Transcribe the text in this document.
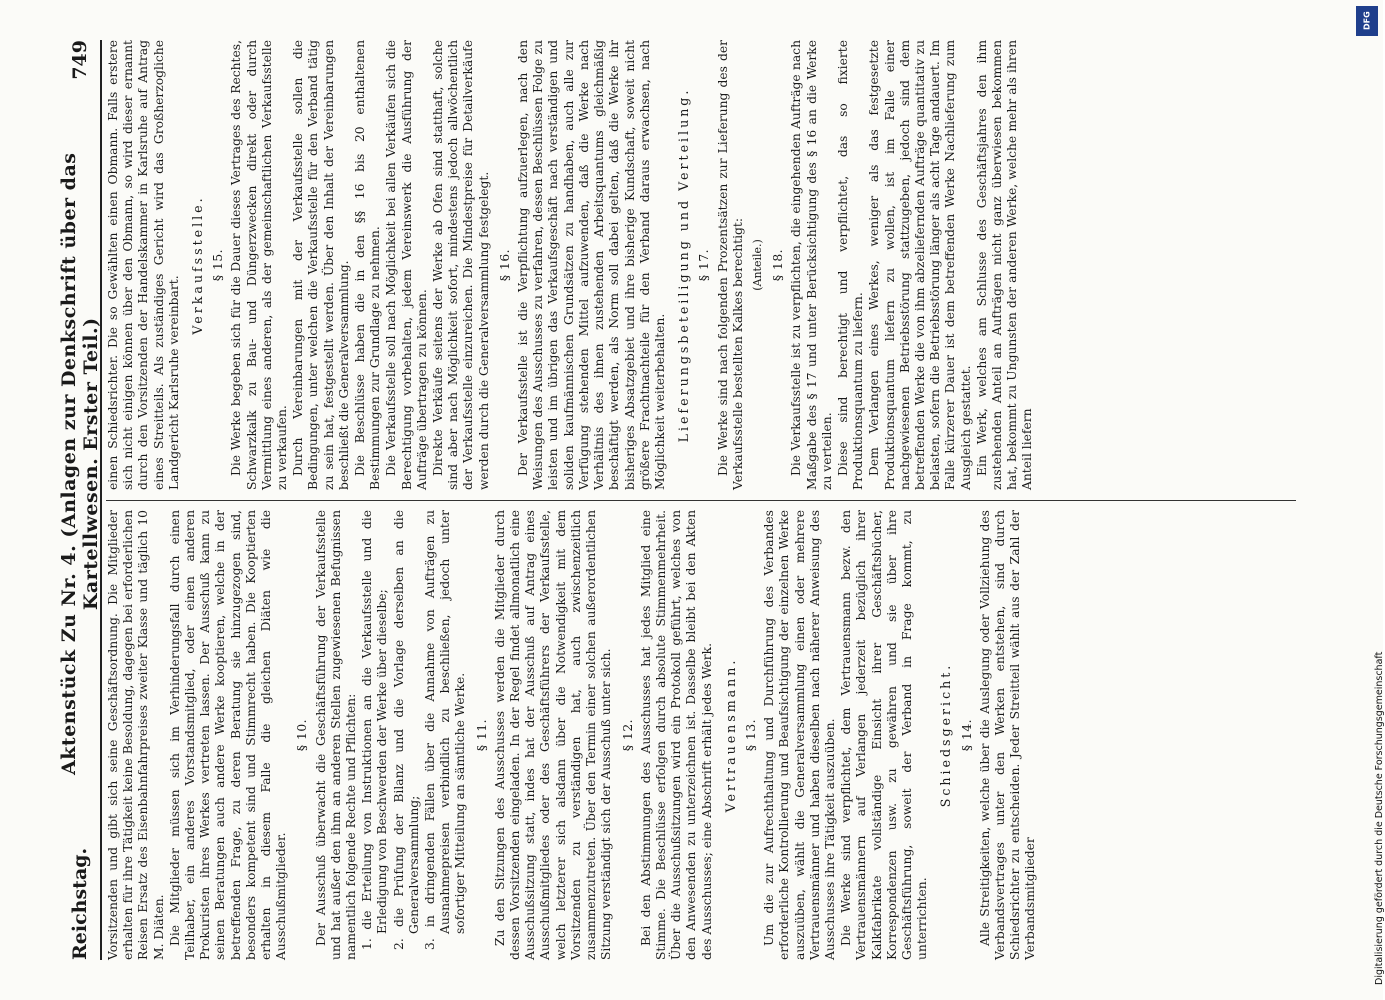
Reichstag.
Aktenstück Zu Nr. 4. (Anlagen zur Denkschrift über das Kartellwesen. Erster Teil.)
749

Vorsitzenden und gibt sich seine Geschäftsordnung. Die Mitglieder erhalten für ihre Tätigkeit keine Besoldung, dagegen bei erforderlichen Reisen Ersatz des Eisenbahnfahrpreises zweiter Klasse und täglich 10 M. Diäten. Die Mitglieder müssen sich im Verhinderungsfall durch einen Teilhaber, ein anderes Vorstandsmitglied, oder einen anderen Prokuristen ihres Werkes vertreten lassen. Der Ausschuß kann zu seinen Beratungen auch andere Werke kooptieren, welche in der betreffenden Frage, zu deren Beratung sie hinzugezogen sind, besonders kompetent sind und Stimmrecht haben. Die Kooptierten erhalten in diesem Falle die gleichen Diäten wie die Ausschußmitglieder.

§ 10. Der Ausschuß überwacht die Geschäftsführung der Verkaufsstelle und hat außer den ihm an anderen Stellen zugewiesenen Befugnissen namentlich folgende Rechte und Pflichten: 1. die Erteilung von Instruktionen an die Verkaufsstelle und die Erledigung von Beschwerden der Werke über dieselbe; 2. die Prüfung der Bilanz und die Vorlage derselben an die Generalversammlung; 3. in dringenden Fällen über die Annahme von Aufträgen zu Ausnahmepreisen verbindlich zu beschließen, jedoch unter sofortiger Mitteilung an sämtliche Werke. § 11. Zu den Sitzungen des Ausschusses werden die Mitglieder durch dessen Vorsitzenden eingeladen. In der Regel findet allmonatlich eine Ausschußsitzung statt, indes hat der Ausschuß auf Antrag eines Ausschußmitgliedes oder des Geschäftsführers der Verkaufsstelle, welch letzterer sich alsdann über die Notwendigkeit mit dem Vorsitzenden zu verständigen hat, auch zwischenzeitlich zusammenzutreten. Über den Termin einer solchen außerordentlichen Sitzung verständigt sich der Ausschuß unter sich. § 12. Bei den Abstimmungen des Ausschusses hat jedes Mitglied eine Stimme. Die Beschlüsse erfolgen durch absolute Stimmenmehrheit. Über die Ausschußsitzungen wird ein Protokoll geführt, welches von den Anwesenden zu unterzeichnen ist. Dasselbe bleibt bei den Akten des Ausschusses; eine Abschrift erhält jedes Werk. Vertrauensmann. § 13. Um die zur Aufrechthaltung und Durchführung des Verbandes erforderliche Kontrollierung und Beaufsichtigung der einzelnen Werke auszuüben, wählt die Generalversammlung einen oder mehrere Vertrauensmänner und haben dieselben nach näherer Anweisung des Ausschusses ihre Tätigkeit auszuüben. Die Werke sind verpflichtet, dem Vertrauensmann bezw. den Vertrauensmännern auf Verlangen jederzeit bezüglich ihrer Kalkfabrikate vollständige Einsicht ihrer Geschäftsbücher, Korrespondenzen usw. zu gewähren und sie über ihre Geschäftsführung, soweit der Verband in Frage kommt, zu unterrichten.

Schiedsgericht. § 14. Alle Streitigkeiten, welche über die Auslegung oder Vollziehung des Verbandsvertrages unter den Werken entstehen, sind durch Schiedsrichter zu entscheiden. Jeder Streitteil wählt aus der Zahl der Verbandsmitglieder

einen Schiedsrichter. Die so Gewählten einen Obmann. Falls erstere sich nicht einigen können über den Obmann, so wird dieser ernannt durch den Vorsitzenden der Handelskammer in Karlsruhe auf Antrag eines Streitteils. Als zuständiges Gericht wird das Großherzogliche Landgericht Karlsruhe vereinbart.

Verkaufsstelle. § 15. Die Werke begeben sich für die Dauer dieses Vertrages des Rechtes, Schwarzkalk zu Bau- und Düngerzwecken direkt oder durch Vermittlung eines anderen, als der gemeinschaftlichen Verkaufsstelle zu verkaufen. Durch Vereinbarungen mit der Verkaufsstelle sollen die Bedingungen, unter welchen die Verkaufsstelle für den Verband tätig zu sein hat, festgestellt werden. Über den Inhalt der Vereinbarungen beschließt die Generalversammlung. Die Beschlüsse haben die in den §§ 16 bis 20 enthaltenen Bestimmungen zur Grundlage zu nehmen. Die Verkaufsstelle soll nach Möglichkeit bei allen Verkäufen sich die Berechtigung vorbehalten, jedem Vereinswerk die Ausführung der Aufträge übertragen zu können. Direkte Verkäufe seitens der Werke ab Ofen sind statthaft, solche sind aber nach Möglichkeit sofort, mindestens jedoch allwöchentlich der Verkaufsstelle einzureichen. Die Mindestpreise für Detailverkäufe werden durch die Generalversammlung festgelegt. § 16. Der Verkaufsstelle ist die Verpflichtung aufzuerlegen, nach den Weisungen des Ausschusses zu verfahren, dessen Beschlüssen Folge zu leisten und im übrigen das Verkaufsgeschäft nach verständigen und soliden kaufmännischen Grundsätzen zu handhaben, auch alle zur Verfügung stehenden Mittel aufzuwenden, daß die Werke nach Verhältnis des ihnen zustehenden Arbeitsquantums gleichmäßig beschäftigt werden, als Norm soll dabei gelten, daß die Werke ihr bisheriges Absatzgebiet und ihre bisherige Kundschaft, soweit nicht größere Frachtnachteile für den Verband daraus erwachsen, nach Möglichkeit weiterbehalten. Lieferungsbeteiligung und Verteilung. § 17. Die Werke sind nach folgenden Prozentsätzen zur Lieferung des der Verkaufsstelle bestellten Kalkes berechtigt: (Anteile.) § 18. Die Verkaufsstelle ist zu verpflichten, die eingehenden Aufträge nach Maßgabe des § 17 und unter Berücksichtigung des § 16 an die Werke zu verteilen. Diese sind berechtigt und verpflichtet, das so fixierte Produktionsquantum zu liefern. Dem Verlangen eines Werkes, weniger als das festgesetzte Produktionsquantum liefern zu wollen, ist im Falle einer nachgewiesenen Betriebsstörung stattzugeben, jedoch sind dem betreffenden Werke die von ihm abzeliefernden Aufträge quantitativ zu belasten, sofern die Betriebsstörung länger als acht Tage andauert. Im Falle kürzerer Dauer ist dem betreffenden Werke Nachlieferung zum Ausgleich gestattet. Ein Werk, welches am Schlusse des Geschäftsjahres den ihm zustehenden Anteil an Aufträgen nicht ganz überwiesen bekommen hat, bekommt zu Ungunsten der anderen Werke, welche mehr als ihren Anteil liefern

DFG
Digitalisierung gefördert durch die Deutsche Forschungsgemeinschaft
